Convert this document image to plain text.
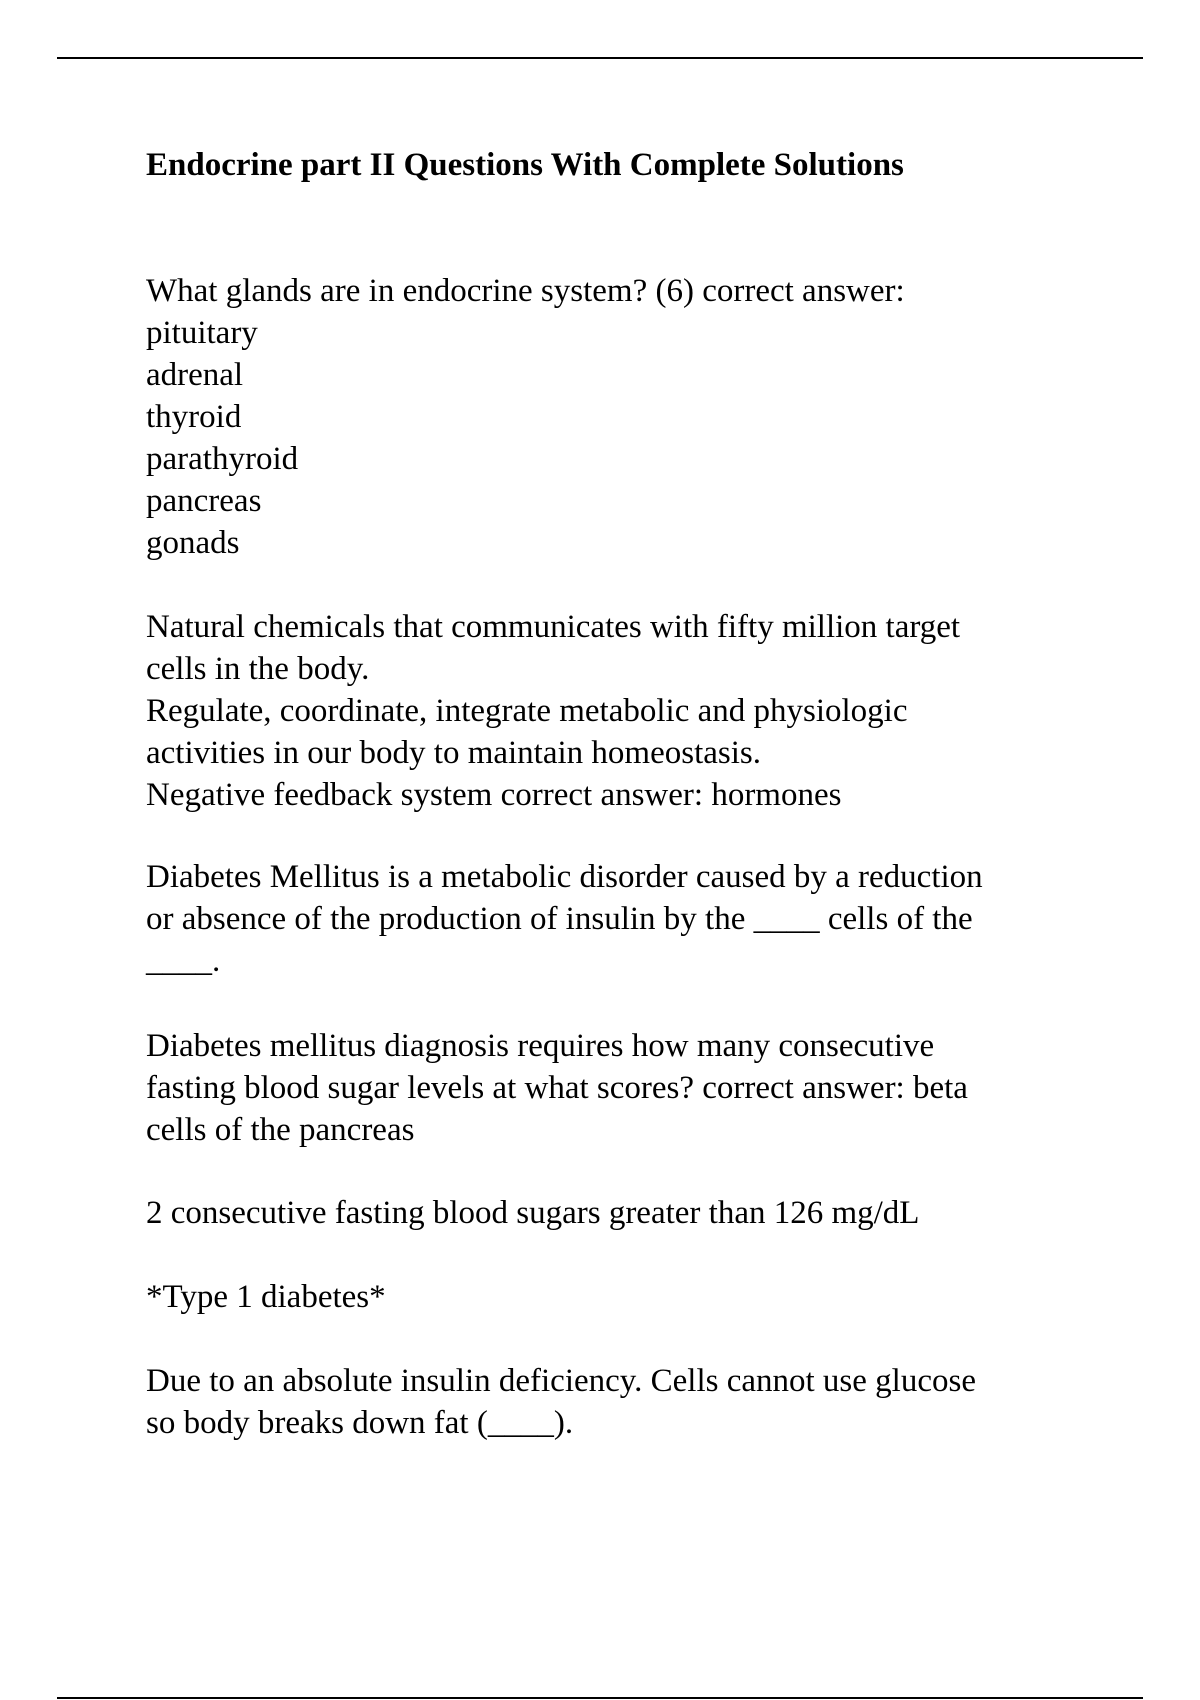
Endocrine part II Questions With Complete Solutions
What glands are in endocrine system? (6) correct answer:
pituitary
adrenal
thyroid
parathyroid
pancreas
gonads
Natural chemicals that communicates with fifty million target
cells in the body.
Regulate, coordinate, integrate metabolic and physiologic
activities in our body to maintain homeostasis.
Negative feedback system correct answer: hormones
Diabetes Mellitus is a metabolic disorder caused by a reduction
or absence of the production of insulin by the ____ cells of the
____.
Diabetes mellitus diagnosis requires how many consecutive
fasting blood sugar levels at what scores? correct answer: beta
cells of the pancreas
2 consecutive fasting blood sugars greater than 126 mg/dL
*Type 1 diabetes*
Due to an absolute insulin deficiency. Cells cannot use glucose
so body breaks down fat (____).
